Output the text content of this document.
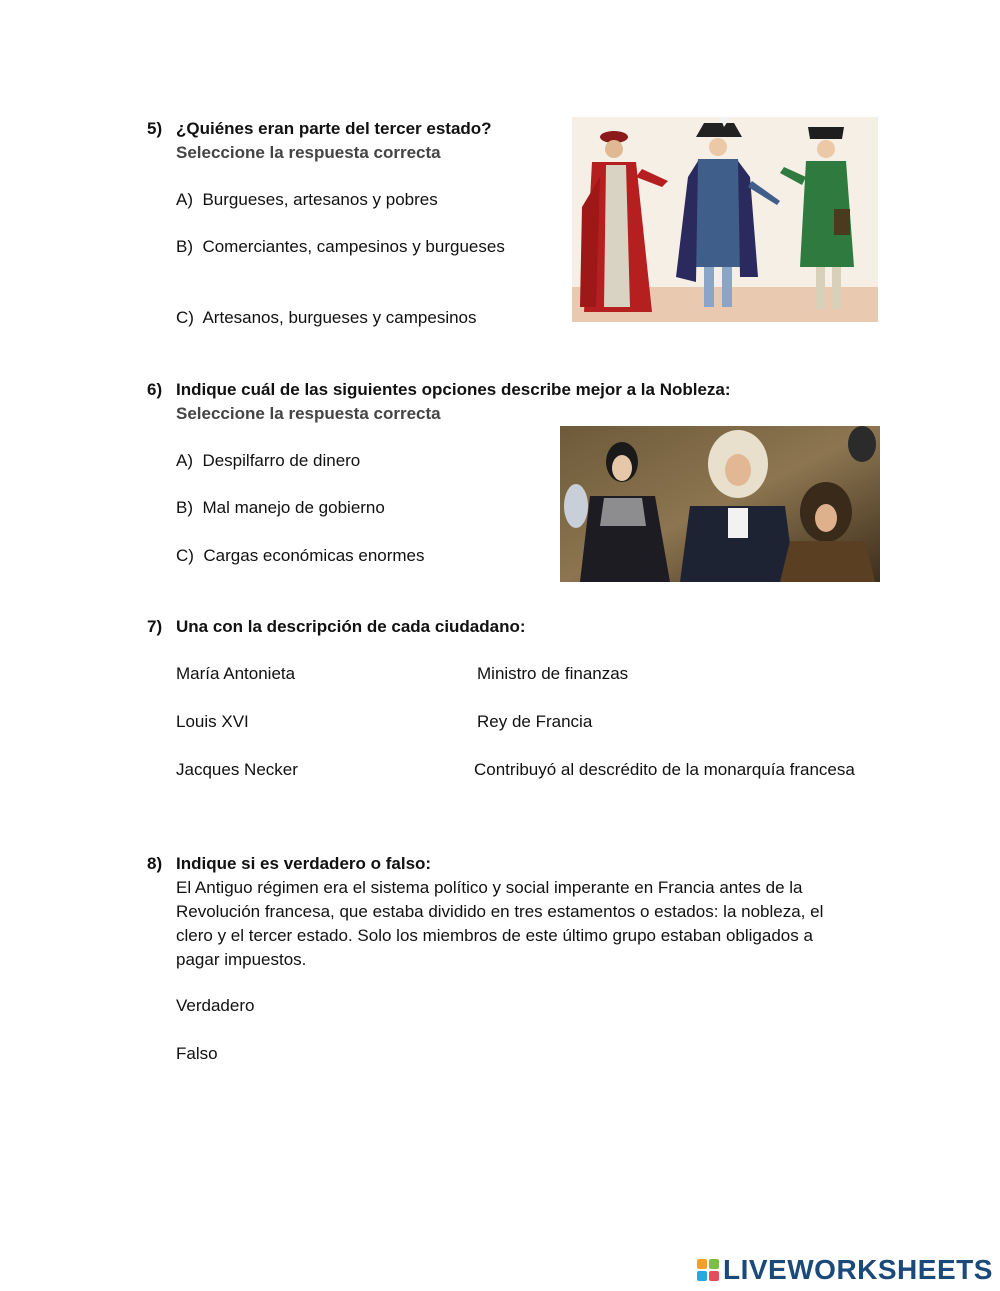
5) ¿Quiénes eran parte del tercer estado?
Seleccione la respuesta correcta
A) Burgueses, artesanos y pobres
B) Comerciantes, campesinos y burgueses
C) Artesanos, burgueses y campesinos
6) Indique cuál de las siguientes opciones describe mejor a la Nobleza:
Seleccione la respuesta correcta
A) Despilfarro de dinero
B) Mal manejo de gobierno
C) Cargas económicas enormes
7) Una con la descripción de cada ciudadano:
María Antonieta
Louis XVI
Jacques Necker
Ministro de finanzas
Rey de Francia
Contribuyó al descrédito de la monarquía francesa
8) Indique si es verdadero o falso:
El Antiguo régimen era el sistema político y social imperante en Francia antes de la
Revolución francesa, que estaba dividido en tres estamentos o estados: la nobleza, el
clero y el tercer estado. Solo los miembros de este último grupo estaban obligados a
pagar impuestos.
Verdadero
Falso
LIVEWORKSHEETS
